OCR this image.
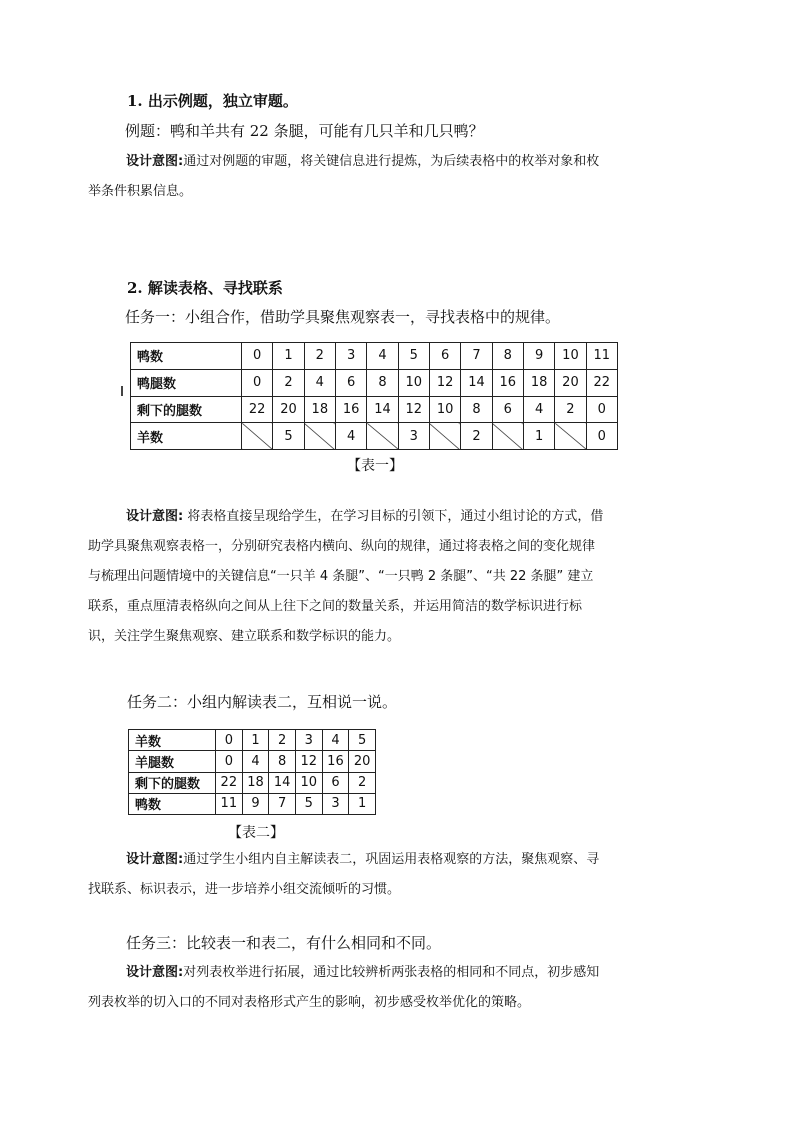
1. 出示例题，独立审题。
例题：鸭和羊共有 22 条腿，可能有几只羊和几只鸭？
设计意图:通过对例题的审题，将关键信息进行提炼，为后续表格中的枚举对象和枚
举条件积累信息。
2. 解读表格、寻找联系
任务一：小组合作，借助学具聚焦观察表一，寻找表格中的规律。
鸭数	0	1	2	3	4	5	6	7	8	9	10	11
鸭腿数	0	2	4	6	8	10	12	14	16	18	20	22
剩下的腿数	22	20	18	16	14	12	10	8	6	4	2	0
羊数		5		4		3		2		1		0
【表一】
设计意图: 将表格直接呈现给学生，在学习目标的引领下，通过小组讨论的方式，借
助学具聚焦观察表格一，分别研究表格内横向、纵向的规律，通过将表格之间的变化规律
与梳理出问题情境中的关键信息“一只羊 4 条腿”、“一只鸭 2 条腿”、“共 22 条腿” 建立
联系，重点厘清表格纵向之间从上往下之间的数量关系，并运用简洁的数学标识进行标
识，关注学生聚焦观察、建立联系和数学标识的能力。
任务二：小组内解读表二，互相说一说。
羊数	0	1	2	3	4	5
羊腿数	0	4	8	12	16	20
剩下的腿数	22	18	14	10	6	2
鸭数	11	9	7	5	3	1
【表二】
设计意图:通过学生小组内自主解读表二，巩固运用表格观察的方法，聚焦观察、寻
找联系、标识表示，进一步培养小组交流倾听的习惯。
任务三：比较表一和表二，有什么相同和不同。
设计意图:对列表枚举进行拓展，通过比较辨析两张表格的相同和不同点，初步感知
列表枚举的切入口的不同对表格形式产生的影响，初步感受枚举优化的策略。
